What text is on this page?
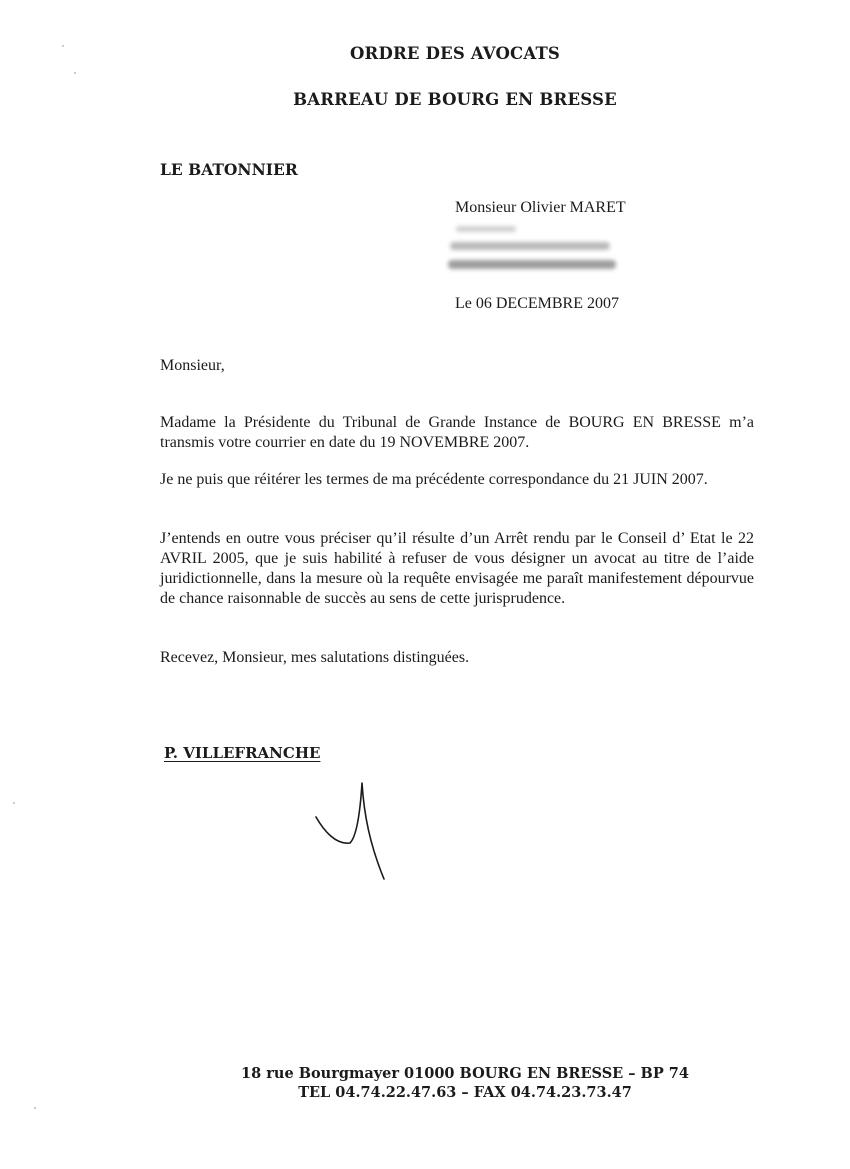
ORDRE DES AVOCATS
BARREAU DE BOURG EN BRESSE
LE BATONNIER
Monsieur Olivier MARET
Le 06 DECEMBRE 2007
Monsieur,

Madame la Présidente du Tribunal de Grande Instance de BOURG EN BRESSE m’a transmis votre courrier en date du 19 NOVEMBRE 2007.

Je ne puis que réitérer les termes de ma précédente correspondance du 21 JUIN 2007.

J’entends en outre vous préciser qu’il résulte d’un Arrêt rendu par le Conseil d’ Etat le 22 AVRIL 2005, que je suis habilité à refuser de vous désigner un avocat au titre de l’aide juridictionnelle, dans la mesure où la requête envisagée me paraît manifestement dépourvue de chance raisonnable de succès au sens de cette jurisprudence.

Recevez, Monsieur, mes salutations distinguées.

P. VILLEFRANCHE
18 rue Bourgmayer 01000 BOURG EN BRESSE – BP 74
TEL 04.74.22.47.63 – FAX 04.74.23.73.47
